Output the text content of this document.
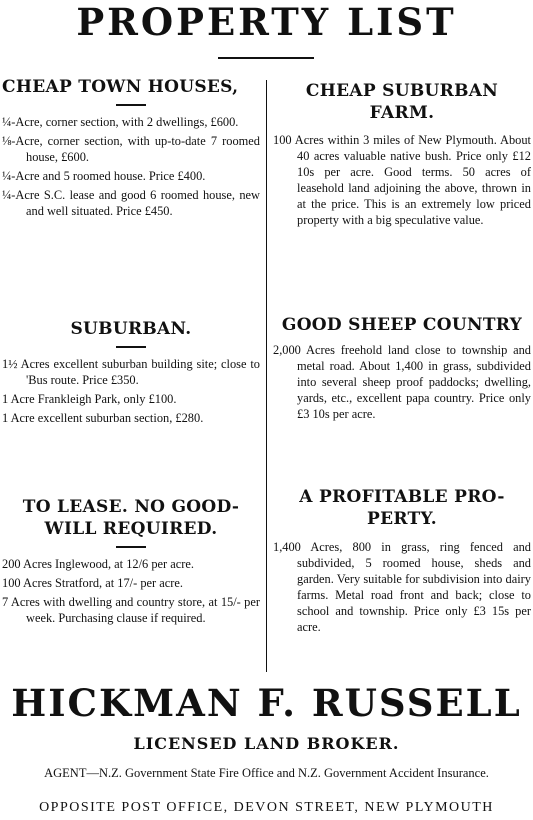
PROPERTY LIST
CHEAP TOWN HOUSES,

¼-Acre, corner section, with 2 dwellings, £600.

⅛-Acre, corner section, with up-to-date 7 roomed house, £600.

¼-Acre and 5 roomed house. Price £400.

¼-Acre S.C. lease and good 6 roomed house, new and well situated. Price £450.

SUBURBAN.

1½ Acres excellent suburban building site; close to 'Bus route. Price £350.

1 Acre Frankleigh Park, only £100.

1 Acre excellent suburban section, £280.

TO LEASE. NO GOOD-
WILL REQUIRED.

200 Acres Inglewood, at 12/6 per acre.

100 Acres Stratford, at 17/- per acre.

7 Acres with dwelling and country store, at 15/- per week. Purchasing clause if required.

CHEAP SUBURBAN
FARM.

100 Acres within 3 miles of New Plymouth. About 40 acres valuable native bush. Price only £12 10s per acre. Good terms. 50 acres of leasehold land adjoining the above, thrown in at the price. This is an extremely low priced property with a big speculative value.

GOOD SHEEP COUNTRY

2,000 Acres freehold land close to township and metal road. About 1,400 in grass, subdivided into several sheep proof paddocks; dwelling, yards, etc., excellent papa country. Price only £3 10s per acre.

A PROFITABLE PRO-
PERTY.

1,400 Acres, 800 in grass, ring fenced and subdivided, 5 roomed house, sheds and garden. Very suitable for subdivision into dairy farms. Metal road front and back; close to school and township. Price only £3 15s per acre.

HICKMAN F. RUSSELL
LICENSED LAND BROKER.
AGENT—N.Z. Government State Fire Office and N.Z. Government Accident Insurance.
OPPOSITE POST OFFICE, DEVON STREET, NEW PLYMOUTH
